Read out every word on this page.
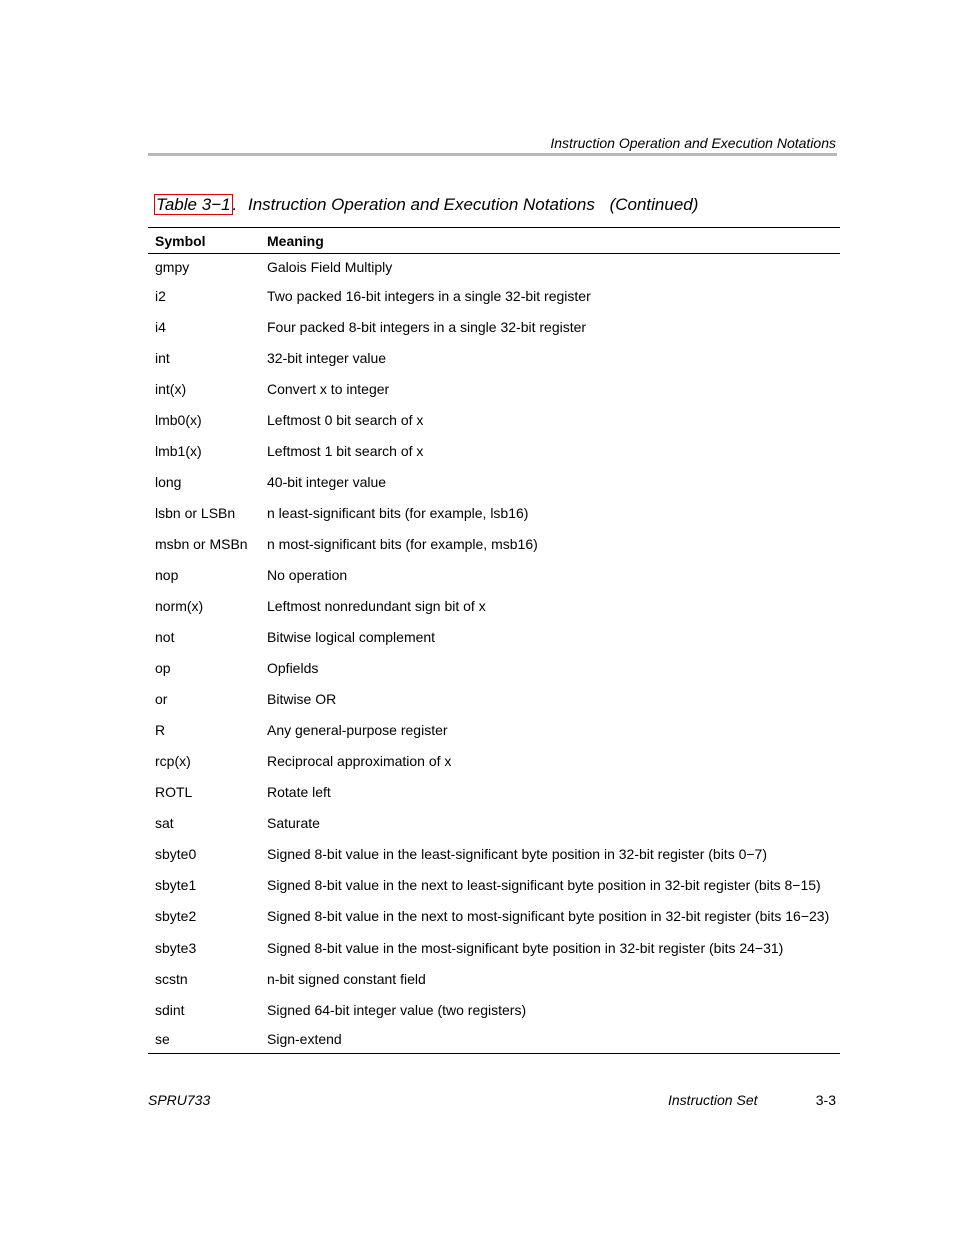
Instruction Operation and Execution Notations
Table 3−1 . Instruction Operation and Execution Notations (Continued)
Symbol	Meaning
gmpy	Galois Field Multiply
i2	Two packed 16-bit integers in a single 32-bit register
i4	Four packed 8-bit integers in a single 32-bit register
int	32-bit integer value
int(x)	Convert x to integer
lmb0(x)	Leftmost 0 bit search of x
lmb1(x)	Leftmost 1 bit search of x
long	40-bit integer value
lsbn or LSBn	n least-significant bits (for example, lsb16)
msbn or MSBn	n most-significant bits (for example, msb16)
nop	No operation
norm(x)	Leftmost nonredundant sign bit of x
not	Bitwise logical complement
op	Opfields
or	Bitwise OR
R	Any general-purpose register
rcp(x)	Reciprocal approximation of x
ROTL	Rotate left
sat	Saturate
sbyte0	Signed 8-bit value in the least-significant byte position in 32-bit register (bits 0−7)
sbyte1	Signed 8-bit value in the next to least-significant byte position in 32-bit register (bits 8−15)
sbyte2	Signed 8-bit value in the next to most-significant byte position in 32-bit register (bits 16−23)
sbyte3	Signed 8-bit value in the most-significant byte position in 32-bit register (bits 24−31)
scstn	n-bit signed constant field
sdint	Signed 64-bit integer value (two registers)
se	Sign-extend
SPRU733	Instruction Set	3-3
